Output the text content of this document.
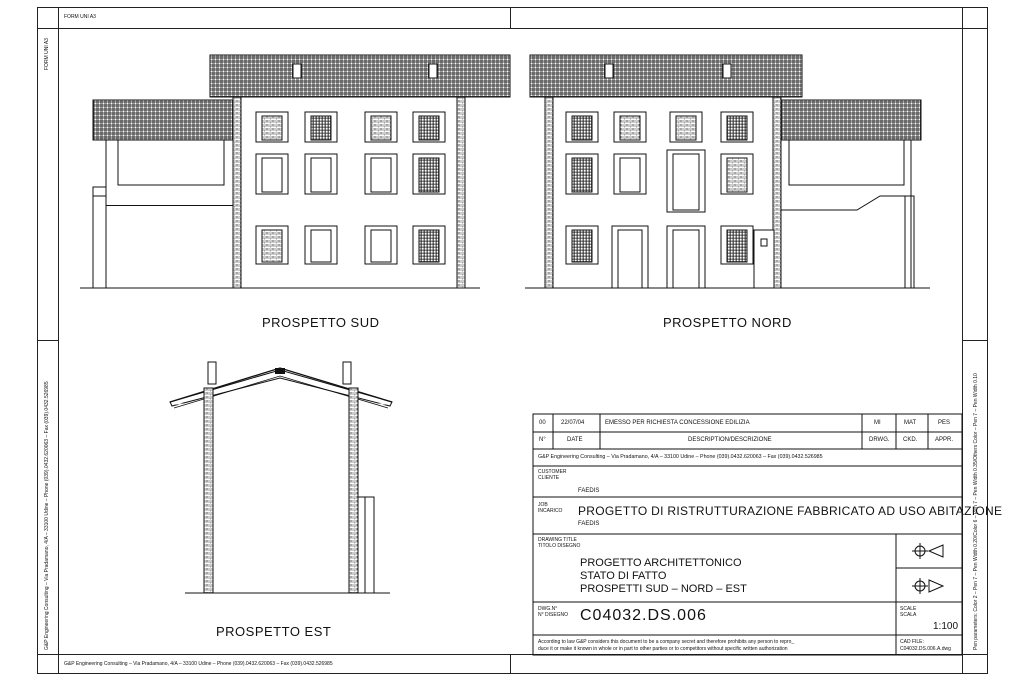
FORM UNI A3
G&P Engineering Consulting – Via Pradamano, 4/A – 33100 Udine – Phone (039).0432.620063 – Fax (039).0432.526985
FORM UNI A3
G&P Engineering Consulting – Via Pradamano, 4/A – 33100 Udine – Phone (039).0432.620063 – Fax (039).0432.526985	Pen parameters: Color 2 – Pen 7 – Pen Width 0.20/Color 6 – Pen 7 – Pen Width 0.35/Others Color – Pen 7 – Pen Width 0.10
PROSPETTO SUD	PROSPETTO NORD
PROSPETTO EST
00	22/07/04	EMESSO PER RICHIESTA CONCESSIONE EDILIZIA	MI	MAT	PES
N°	DATE	DESCRIPTION/DESCRIZIONE	DRWG. CKD.	APPR.
G&P Engineering Consulting – Via Pradamano, 4/A – 33100 Udine – Phone (039).0432.620063 – Fax (039).0432.526985
CUSTOMER
CLIENTE
FAEDIS
JOB
INCARICO PROGETTO DI RISTRUTTURAZIONE FABBRICATO AD USO ABITAZIONE
FAEDIS
DRAWING TITLE
TITOLO DISEGNO
PROGETTO ARCHITETTONICO
STATO DI FATTO
PROSPETTI SUD – NORD – EST
DWG.N°
N° DISEGNO C04032.DS.006	SCALE
SCALA
1:100
According to law G&P considers this document to be a company secret and therefore prohibits any person to repro_
duce it or make it known in whole or in part to other parties or to competitors without specific written authorization
CAD FILE:
C04032.DS.006.A.dwg
